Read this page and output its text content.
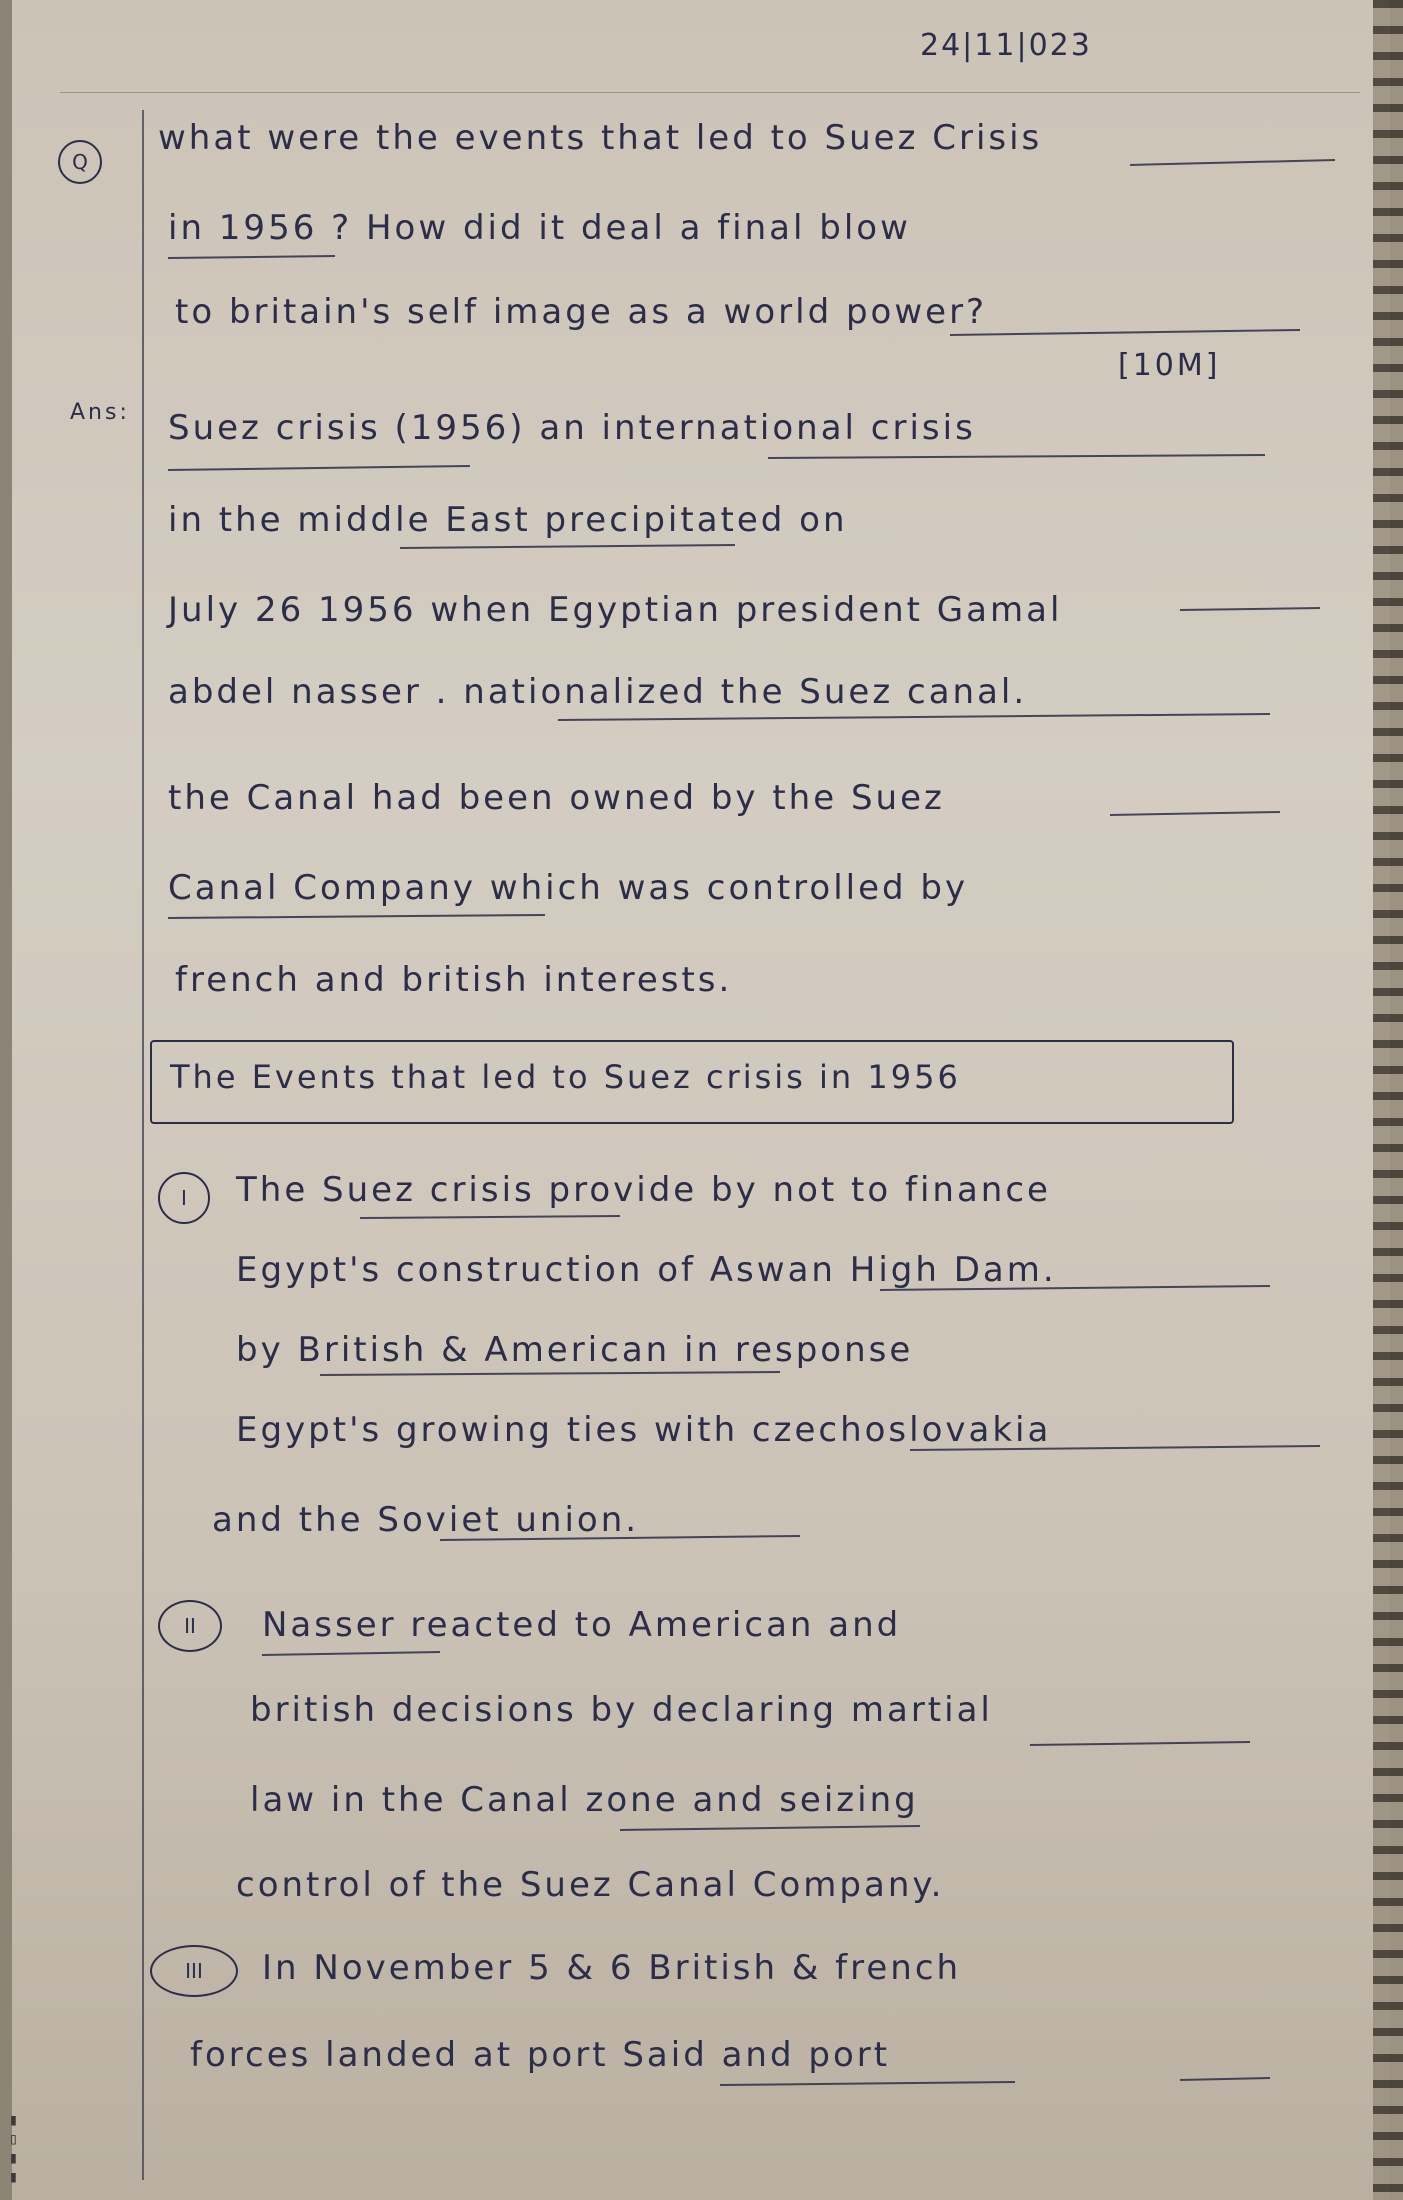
24|11|023
Q
what were the events that led to Suez Crisis
in 1956 ? How did it deal a final blow
to britain's self image as a world power?
[10M]
Ans: Suez crisis (1956) an international crisis
in the middle East precipitated on
July 26 1956 when Egyptian president Gamal
abdel nasser . nationalized the Suez canal.
the Canal had been owned by the Suez
Canal Company which was controlled by
french and british interests.
The Events that led to Suez crisis in 1956
I The Suez crisis provide by not to finance
Egypt's construction of Aswan High Dam.
by British & American in response
Egypt's growing ties with czechoslovakia
and the Soviet union.
II Nasser reacted to American and
british decisions by declaring martial
law in the Canal zone and seizing
control of the Suez Canal Company.
III In November 5 & 6 British & french
forces landed at port Said and port
▮▯▮▮
